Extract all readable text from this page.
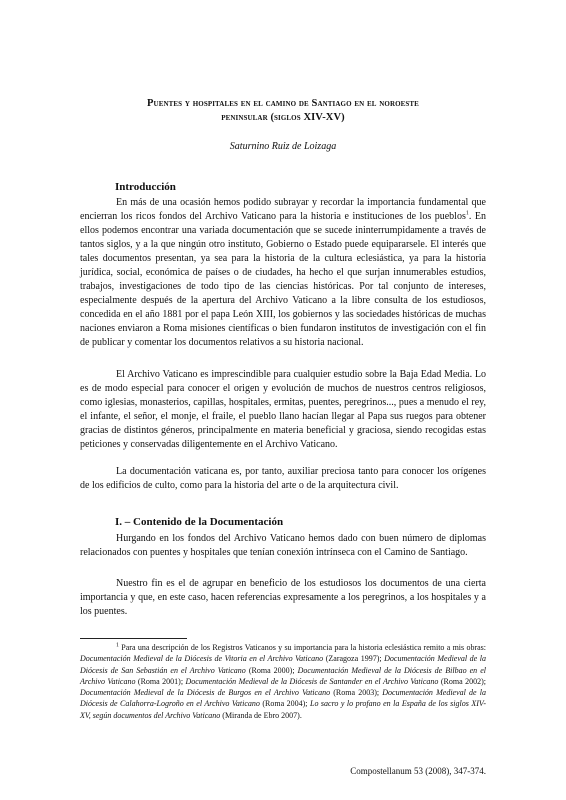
Puentes y hospitales en el camino de Santiago en el noroeste
peninsular (siglos XIV-XV)
Saturnino Ruiz de Loizaga
Introducción

En más de una ocasión hemos podido subrayar y recordar la importancia fundamental que encierran los ricos fondos del Archivo Vaticano para la historia e instituciones de los pueblos$^1$. En ellos podemos encontrar una variada documentación que se sucede ininterrumpidamente a través de tantos siglos, y a la que ningún otro instituto, Gobierno o Estado puede equipararsele. El interés que tales documentos presentan, ya sea para la historia de la cultura eclesiástica, ya para la historia jurídica, social, económica de países o de ciudades, ha hecho el que surjan innumerables estudios, trabajos, investigaciones de todo tipo de las ciencias históricas. Por tal conjunto de intereses, especialmente después de la apertura del Archivo Vaticano a la libre consulta de los estudiosos, concedida en el año 1881 por el papa León XIII, los gobiernos y las sociedades históricas de muchas naciones enviaron a Roma misiones científicas o bien fundaron institutos de investigación con el fin de publicar y comentar los documentos relativos a su historia nacional.

El Archivo Vaticano es imprescindible para cualquier estudio sobre la Baja Edad Media. Lo es de modo especial para conocer el origen y evolución de muchos de nuestros centros religiosos, como iglesias, monasterios, capillas, hospitales, ermitas, puentes, peregrinos..., pues a menudo el rey, el infante, el señor, el monje, el fraile, el pueblo llano hacían llegar al Papa sus ruegos para obtener gracias de distintos géneros, principalmente en materia beneficial y graciosa, siendo recogidas estas peticiones y conservadas diligentemente en el Archivo Vaticano.

La documentación vaticana es, por tanto, auxiliar preciosa tanto para conocer los orígenes de los edificios de culto, como para la historia del arte o de la arquitectura civil.

I. – Contenido de la Documentación

Hurgando en los fondos del Archivo Vaticano hemos dado con buen número de diplomas relacionados con puentes y hospitales que tenían conexión intrínseca con el Camino de Santiago.

Nuestro fin es el de agrupar en beneficio de los estudiosos los documentos de una cierta importancia y que, en este caso, hacen referencias expresamente a los peregrinos, a los hospitales y a los puentes.

$^1$ Para una descripción de los Registros Vaticanos y su importancia para la historia eclesiástica remito a mis obras: Documentación Medieval de la Diócesis de Vitoria en el Archivo Vaticano (Zaragoza 1997); Documentación Medieval de la Diócesis de San Sebastián en el Archivo Vaticano (Roma 2000); Documentación Medieval de la Diócesis de Bilbao en el Archivo Vaticano (Roma 2001); Documentación Medieval de la Diócesis de Santander en el Archivo Vaticano (Roma 2002); Documentación Medieval de la Diócesis de Burgos en el Archivo Vaticano (Roma 2003); Documentación Medieval de la Diócesis de Calahorra-Logroño en el Archivo Vaticano (Roma 2004); Lo sacro y lo profano en la España de los siglos XIV-XV, según documentos del Archivo Vaticano (Miranda de Ebro 2007).

Compostellanum 53 (2008), 347-374.
